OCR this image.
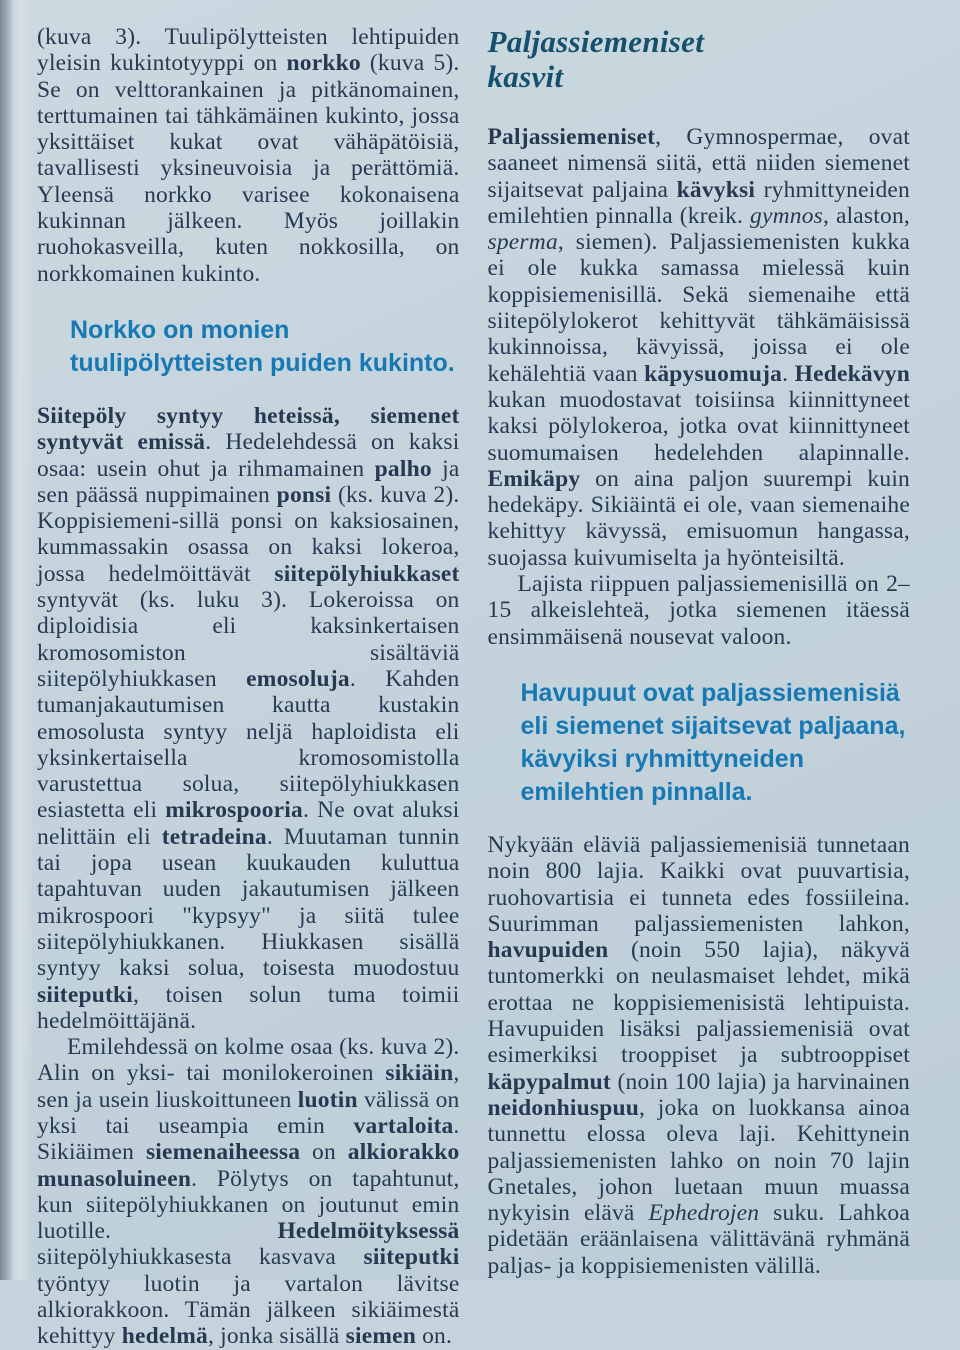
(kuva 3). Tuulipölytteisten lehtipuiden yleisin kukintotyyppi on norkko (kuva 5). Se on velttorankainen ja pitkänomainen, terttumainen tai tähkämäinen kukinto, jossa yksittäiset kukat ovat vähäpätöisiä, tavallisesti yksineuvoisia ja perättömiä. Yleensä norkko varisee kokonaisena kukinnan jälkeen. Myös joillakin ruohokasveilla, kuten nokkosilla, on norkkomainen kukinto.

Norkko on monien tuulipölytteisten puiden kukinto.

Siitepöly syntyy heteissä, siemenet syntyvät emissä. Hedelehdessä on kaksi osaa: usein ohut ja rihmamainen palho ja sen päässä nuppimainen ponsi (ks. kuva 2). Koppisiemeni-sillä ponsi on kaksiosainen, kummassakin osassa on kaksi lokeroa, jossa hedelmöittävät siitepölyhiukkaset syntyvät (ks. luku 3). Lokeroissa on diploidisia eli kaksinkertaisen kromosomiston sisältäviä siitepölyhiukkasen emosoluja. Kahden tumanjakautumisen kautta kustakin emosolusta syntyy neljä haploidista eli yksinkertaisella kromosomistolla varustettua solua, siitepölyhiukkasen esiastetta eli mikrospooria. Ne ovat aluksi nelittäin eli tetradeina. Muutaman tunnin tai jopa usean kuukauden kuluttua tapahtuvan uuden jakautumisen jälkeen mikrospoori "kypsyy" ja siitä tulee siitepölyhiukkanen. Hiukkasen sisällä syntyy kaksi solua, toisesta muodostuu siiteputki, toisen solun tuma toimii hedelmöittäjänä.

Emilehdessä on kolme osaa (ks. kuva 2). Alin on yksi- tai monilokeroinen sikiäin, sen ja usein liuskoittuneen luotin välissä on yksi tai useampia emin vartaloita. Sikiäimen siemenaiheessa on alkiorakko munasoluineen. Pölytys on tapahtunut, kun siitepölyhiukkanen on joutunut emin luotille. Hedelmöityksessä siitepölyhiukkasesta kasvava siiteputki työntyy luotin ja vartalon lävitse alkiorakkoon. Tämän jälkeen sikiäimestä kehittyy hedelmä, jonka sisällä siemen on.

Paljassiemeniset
kasvit

Paljassiemeniset, Gymnospermae, ovat saaneet nimensä siitä, että niiden siemenet sijaitsevat paljaina kävyksi ryhmittyneiden emilehtien pinnalla (kreik. gymnos, alaston, sperma, siemen). Paljassiemenisten kukka ei ole kukka samassa mielessä kuin koppisiemenisillä. Sekä siemenaihe että siitepölylokerot kehittyvät tähkämäisissä kukinnoissa, kävyissä, joissa ei ole kehälehtiä vaan käpysuomuja. Hedekävyn kukan muodostavat toisiinsa kiinnittyneet kaksi pölylokeroa, jotka ovat kiinnittyneet suomumaisen hedelehden alapinnalle. Emikäpy on aina paljon suurempi kuin hedekäpy. Sikiäintä ei ole, vaan siemenaihe kehittyy kävyssä, emisuomun hangassa, suojassa kuivumiselta ja hyönteisiltä.

Lajista riippuen paljassiemenisillä on 2–15 alkeislehteä, jotka siemenen itäessä ensimmäisenä nousevat valoon.

Havupuut ovat paljassiemenisiä eli siemenet sijaitsevat paljaana, kävyiksi ryhmittyneiden emilehtien pinnalla.

Nykyään eläviä paljassiemenisiä tunnetaan noin 800 lajia. Kaikki ovat puuvartisia, ruohovartisia ei tunneta edes fossiileina. Suurimman paljassiemenisten lahkon, havupuiden (noin 550 lajia), näkyvä tuntomerkki on neulasmaiset lehdet, mikä erottaa ne koppisiemenisistä lehtipuista. Havupuiden lisäksi paljassiemenisiä ovat esimerkiksi trooppiset ja subtrooppiset käpypalmut (noin 100 lajia) ja harvinainen neidonhiuspuu, joka on luokkansa ainoa tunnettu elossa oleva laji. Kehittynein paljassiemenisten lahko on noin 70 lajin Gnetales, johon luetaan muun muassa nykyisin elävä Ephedrojen suku. Lahkoa pidetään eräänlaisena välittävänä ryhmänä paljas- ja koppisiemenisten välillä.
